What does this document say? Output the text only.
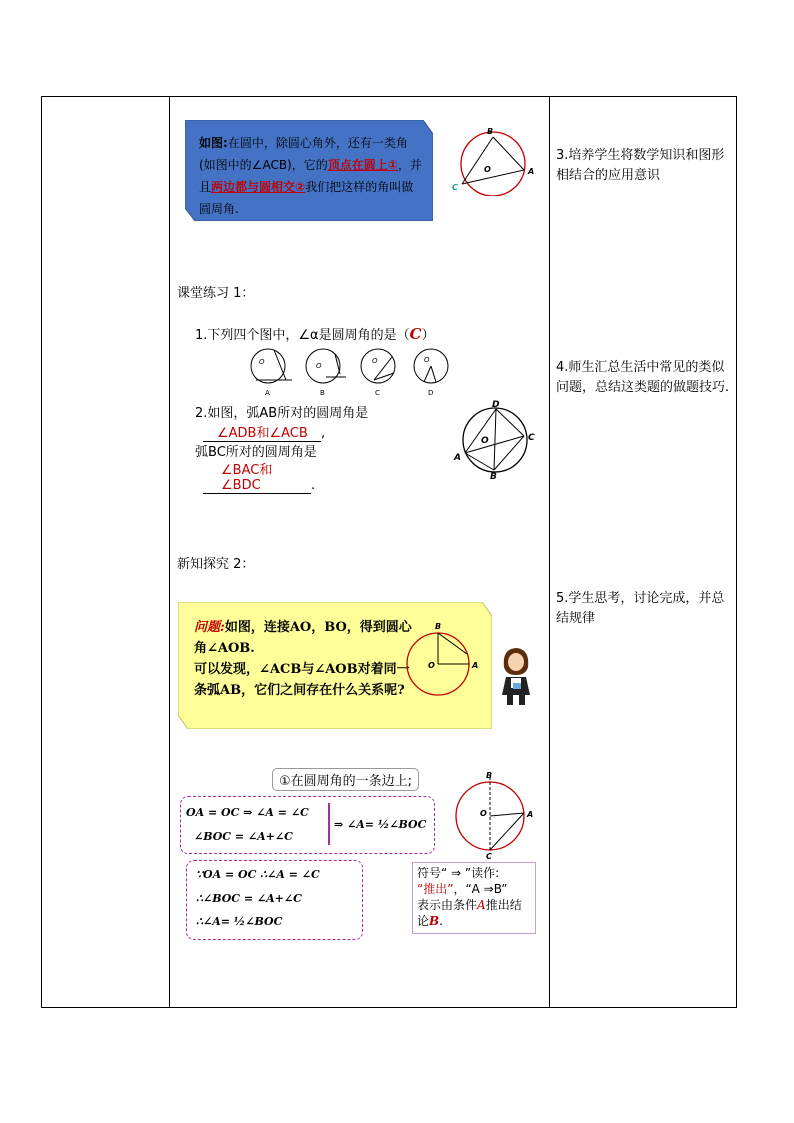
3.培养学生将数学知识和图形相结合的应用意识
4.师生汇总生活中常见的类似问题，总结这类题的做题技巧.
5.学生思考，讨论完成，并总结规律
如图:在圆中，除圆心角外，还有一类角(如图中的∠ACB)，它的顶点在圆上①，并且两边都与圆相交②我们把这样的角叫做圆周角.
B
A
C
O
课堂练习 1：
1.下列四个图中，∠α是圆周角的是（C）
O	O
O	O
A	B	C	D
2.如图，弧AB所对的圆周角是
∠ADB和∠ACB ,
弧BC所对的圆周角是
∠BAC和∠BDC	.
D
C
A
B
O
新知探究 2：
问题:如图，连接AO，BO，得到圆心角∠AOB.
可以发现，∠ACB与∠AOB对着同一条弧AB，它们之间存在什么关系呢?
B
A
O
①在圆周角的一条边上;
OA = OC ⇒ ∠A = ∠C
∠BOC = ∠A+∠C
⇒ ∠A= ½∠BOC
∵OA = OC ∴∠A = ∠C
∴∠BOC = ∠A+∠C
∴∠A= ½∠BOC
B
A
C
O
符号“ ⇒ ”读作:
“推出”，“A ⇒B”
表示由条件A推出结论B.
